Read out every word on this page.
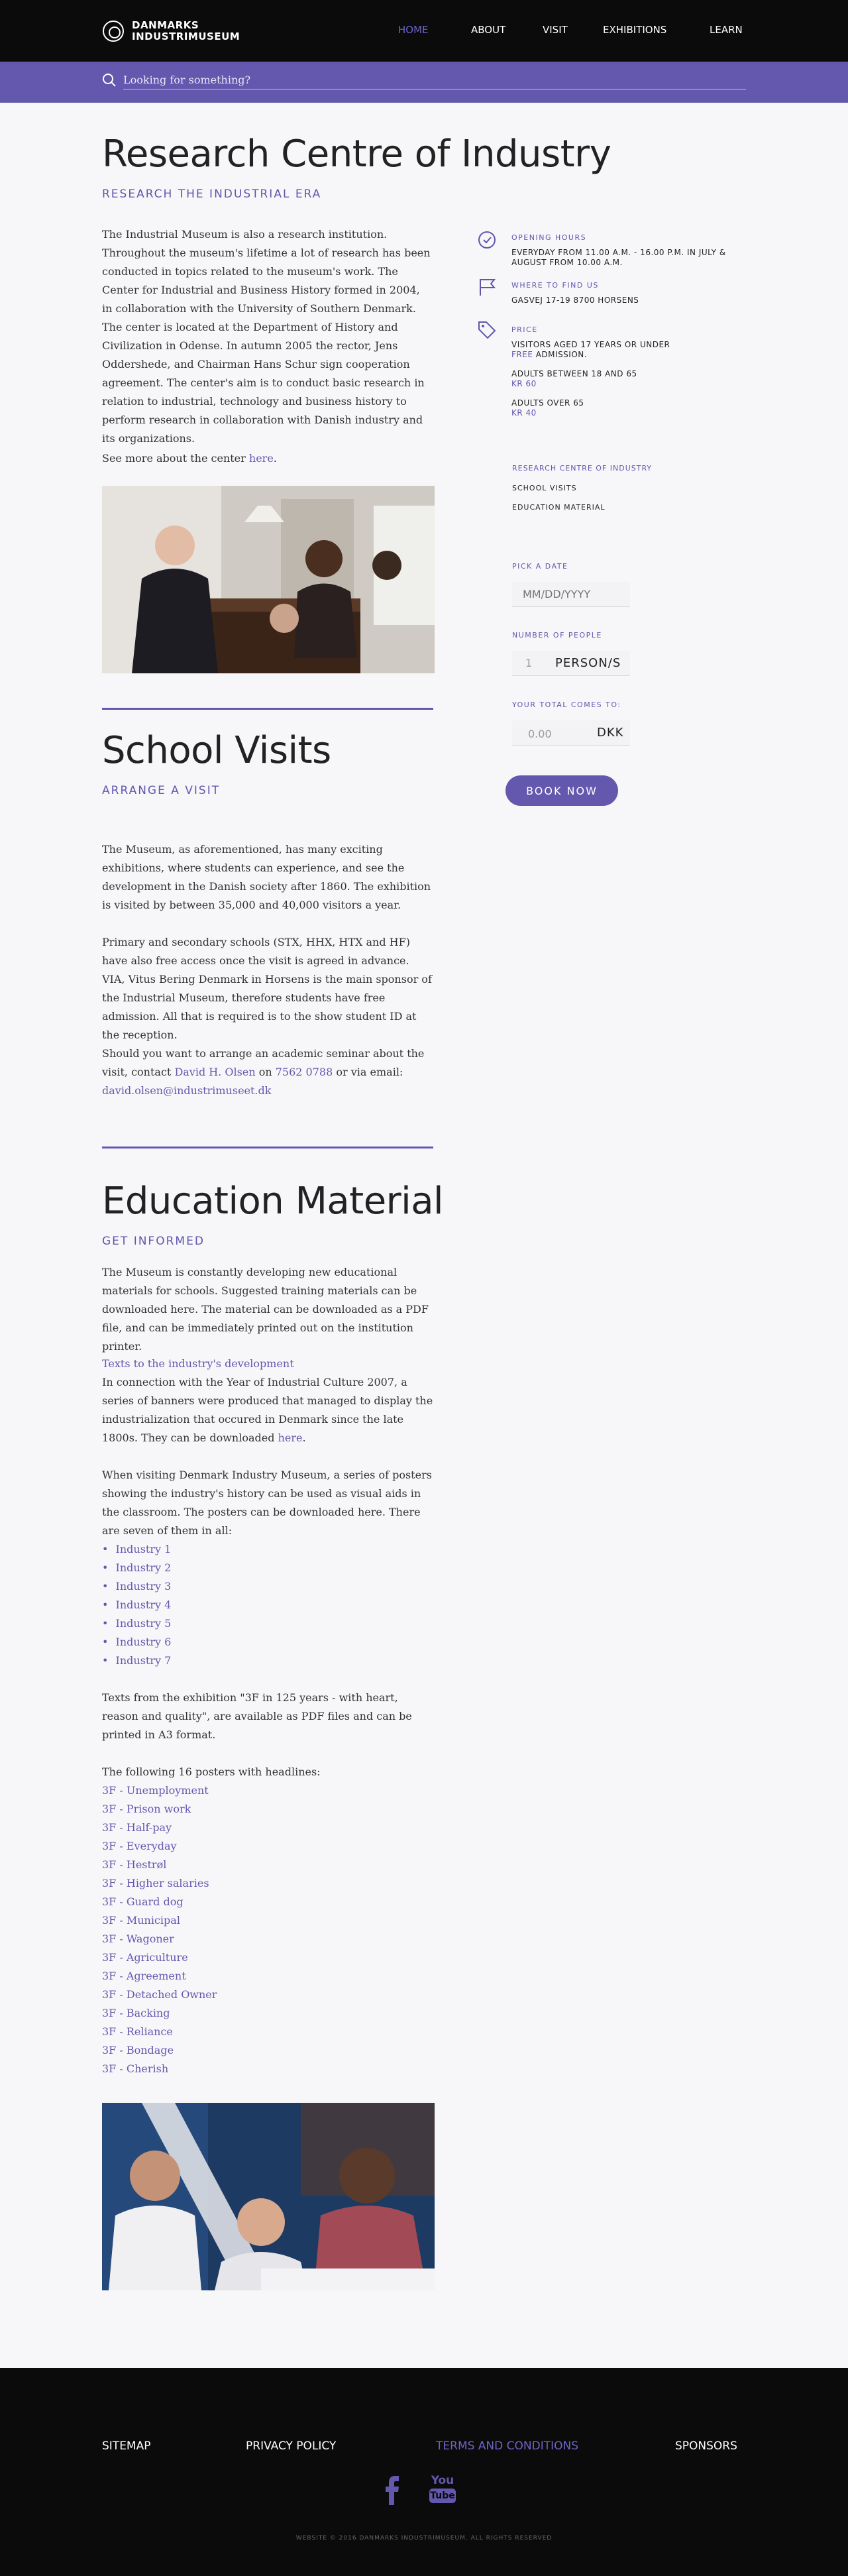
DANMARKS
INDUSTRIMUSEUM
HOME	ABOUT	VISIT	EXHIBITIONS	LEARN
Looking for something?
Research Centre of Industry
RESEARCH THE INDUSTRIAL ERA

The Industrial Museum is also a research institution. Throughout the museum's lifetime a lot of research has been conducted in topics related to the museum's work. The Center for Industrial and Business History formed in 2004, in collaboration with the University of Southern Denmark. The center is located at the Department of History and Civilization in Odense. In autumn 2005 the rector, Jens Oddershede, and Chairman Hans Schur sign cooperation agreement. The center's aim is to conduct basic research in relation to industrial, technology and business history to perform research in collaboration with Danish industry and its organizations.

See more about the center here.

School Visits
ARRANGE A VISIT

The Museum, as aforementioned, has many exciting exhibitions, where students can experience, and see the development in the Danish society after 1860. The exhibition is visited by between 35,000 and 40,000 visitors a year.

Primary and secondary schools (STX, HHX, HTX and HF) have also free access once the visit is agreed in advance. VIA, Vitus Bering Denmark in Horsens is the main sponsor of the Industrial Museum, therefore students have free admission. All that is required is to the show student ID at the reception.

Should you want to arrange an academic seminar about the visit, contact David H. Olsen on 7562 0788 or via email:
david.olsen@industrimuseet.dk

Education Material
GET INFORMED

The Museum is constantly developing new educational materials for schools. Suggested training materials can be downloaded here. The material can be downloaded as a PDF file, and can be immediately printed out on the institution printer.

Texts to the industry's development
In connection with the Year of Industrial Culture 2007, a series of banners were produced that managed to display the industrialization that occured in Denmark since the late 1800s. They can be downloaded here.

When visiting Denmark Industry Museum, a series of posters showing the industry's history can be used as visual aids in the classroom. The posters can be downloaded here. There are seven of them in all:

• Industry 1
• Industry 2
• Industry 3
• Industry 4
• Industry 5
• Industry 6
• Industry 7

Texts from the exhibition "3F in 125 years - with heart, reason and quality", are available as PDF files and can be printed in A3 format.

The following 16 posters with headlines:

3F - Unemployment
3F - Prison work
3F - Half-pay
3F - Everyday
3F - Hestrøl
3F - Higher salaries
3F - Guard dog
3F - Municipal
3F - Wagoner
3F - Agriculture
3F - Agreement
3F - Detached Owner
3F - Backing
3F - Reliance
3F - Bondage
3F - Cherish
OPENING HOURS
EVERYDAY FROM 11.00 A.M. - 16.00 P.M. IN JULY & AUGUST FROM 10.00 A.M.
WHERE TO FIND US
GASVEJ 17-19 8700 HORSENS
PRICE
VISITORS AGED 17 YEARS OR UNDER
FREE ADMISSION.
ADULTS BETWEEN 18 AND 65
KR 60
ADULTS OVER 65
KR 40
RESEARCH CENTRE OF INDUSTRY
SCHOOL VISITS
EDUCATION MATERIAL
PICK A DATE
MM/DD/YYYY
NUMBER OF PEOPLE
1
PERSON/S
YOUR TOTAL COMES TO:
0.00	DKK
BOOK NOW
SITEMAP	PRIVACY POLICY	TERMS AND CONDITIONS	SPONSORS
You
Tube
WEBSITE © 2016 DANMARKS INDUSTRIMUSEUM. ALL RIGHTS RESERVED
